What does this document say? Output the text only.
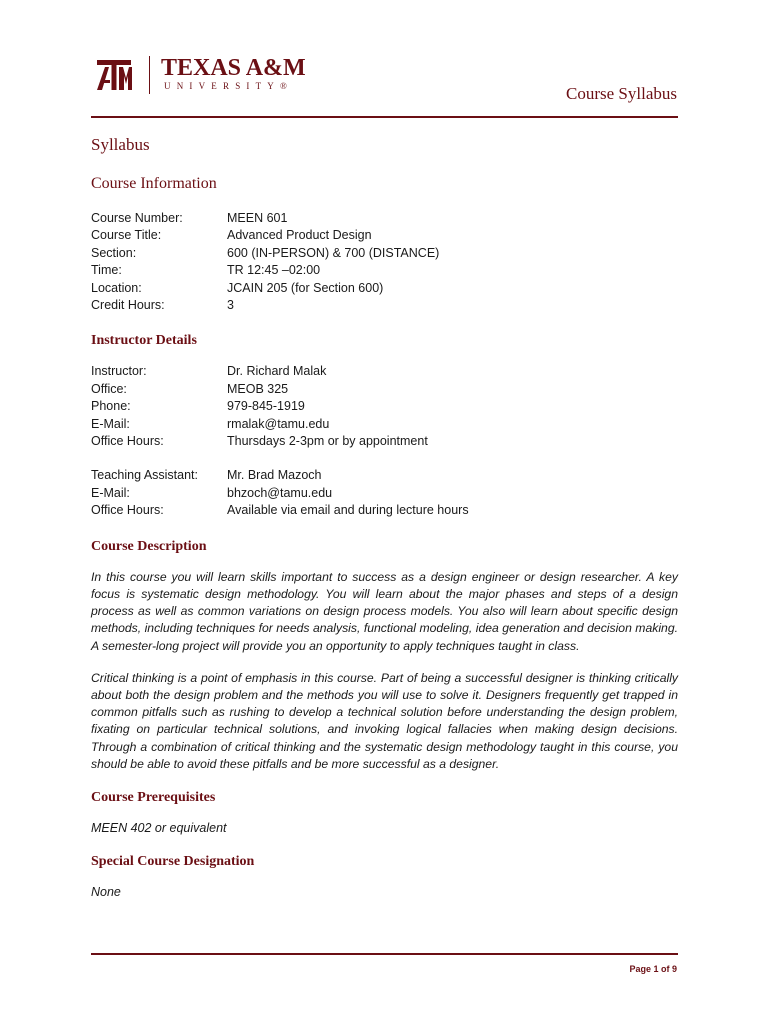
TEXAS A&M
UNIVERSITY®	Course Syllabus
Syllabus
Course Information
Course Number:	MEEN 601
Course Title:	Advanced Product Design
Section:	600 (IN-PERSON) & 700 (DISTANCE)
Time:	TR 12:45 –02:00
Location:	JCAIN 205 (for Section 600)
Credit Hours:	3
Instructor Details
Instructor:	Dr. Richard Malak
Office:	MEOB 325
Phone:	979-845-1919
E-Mail:	rmalak@tamu.edu
Office Hours:	Thursdays 2-3pm or by appointment
Teaching Assistant:	Mr. Brad Mazoch
E-Mail:	bhzoch@tamu.edu
Office Hours:	Available via email and during lecture hours
Course Description

In this course you will learn skills important to success as a design engineer or design researcher. A key focus is systematic design methodology. You will learn about the major phases and steps of a design process as well as common variations on design process models. You also will learn about specific design methods, including techniques for needs analysis, functional modeling, idea generation and decision making. A semester-long project will provide you an opportunity to apply techniques taught in class.

Critical thinking is a point of emphasis in this course. Part of being a successful designer is thinking critically about both the design problem and the methods you will use to solve it. Designers frequently get trapped in common pitfalls such as rushing to develop a technical solution before understanding the design problem, fixating on particular technical solutions, and invoking logical fallacies when making design decisions. Through a combination of critical thinking and the systematic design methodology taught in this course, you should be able to avoid these pitfalls and be more successful as a designer.

Course Prerequisites

MEEN 402 or equivalent

Special Course Designation

None

Page 1 of 9
